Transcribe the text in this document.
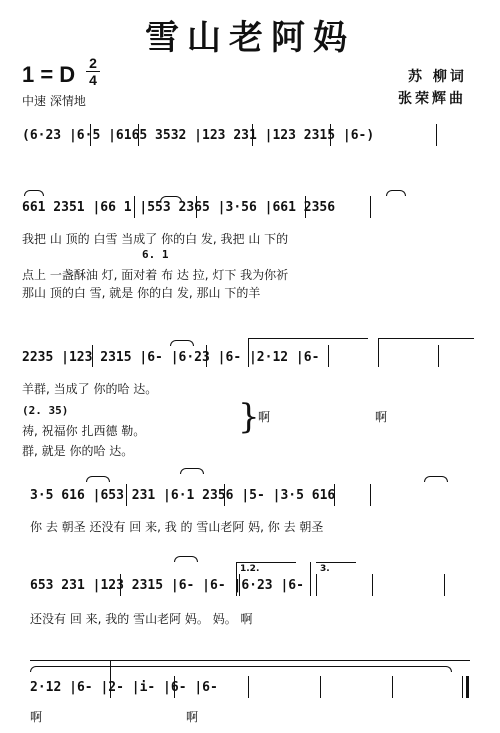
雪山老阿妈
1 = D 2
4
中速 深情地
苏 柳词
张荣辉曲
(6·23 |6·5 |6165 3532 |123 231 |123 2315 |6-)
661 2351 |66 1 |553 2365 |3·56 |661 2356
6. 1
我把 山 顶的 白雪 当成了 你的白 发, 我把 山 下的
点上 一盏酥油 灯, 面对着 布 达 拉, 灯下 我为你祈
那山 顶的白 雪, 就是 你的白 发, 那山 下的羊
2235 |123 2315 |6- |6·23 |6- |2·12 |6-
羊群, 当成了 你的哈 达。
(2. 35)
祷, 祝福你 扎西德 勒。
群, 就是 你的哈 达。
}
啊	啊
3·5 616 |653 231 |6·1 2356 |5- |3·5 616
你 去 朝圣 还没有 回 来, 我 的 雪山老阿 妈, 你 去 朝圣
1.2.	3.
653 231 |123 2315 |6- |6- |6·23 |6-
还没有 回 来, 我的 雪山老阿 妈。 妈。 啊
2·12 |6- |2- |i- |6- |6-
啊	啊
